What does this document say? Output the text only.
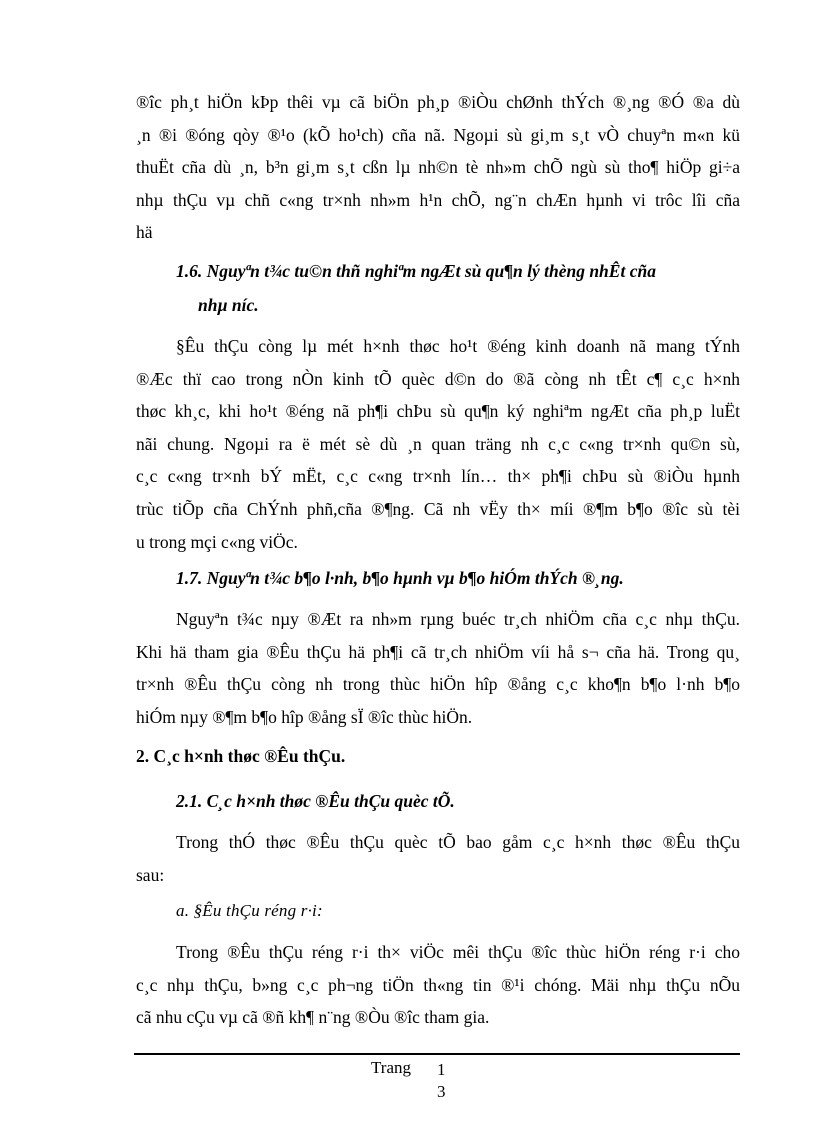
®îc ph¸t hiÖn kÞp thêi vµ cã biÖn ph¸p ®iÒu chØnh thÝch ®¸ng ®Ó ®a dù
¸n ®i ®óng qòy ®¹o (kÕ ho¹ch) cña nã. Ngoµi sù gi¸m s¸t vÒ chuyªn m«n kü
thuËt cña dù ¸n, b³n gi¸m s¸t cßn lµ nh©n tè nh»m chÕ ngù sù tho¶ hiÖp gi÷a
nhµ thÇu vµ chñ c«ng tr×nh nh»m h¹n chÕ, ng¨n chÆn hµnh vi trôc lîi cña
hä
1.6. Nguyªn t¾c tu©n thñ nghiªm ngÆt sù qu¶n lý thèng nhÊt cña
nhµ níc.
§Êu thÇu còng lµ mét h×nh thøc ho¹t ®éng kinh doanh nã mang tÝnh
®Æc thï cao trong nÒn kinh tÕ quèc d©n do ®ã còng nh tÊt c¶ c¸c h×nh
thøc kh¸c, khi ho¹t ®éng nã ph¶i chÞu sù qu¶n ký nghiªm ngÆt cña ph¸p luËt
nãi chung. Ngoµi ra ë mét sè dù ¸n quan träng nh c¸c c«ng tr×nh qu©n sù,
c¸c c«ng tr×nh bÝ mËt, c¸c c«ng tr×nh lín… th× ph¶i chÞu sù ®iÒu hµnh
trùc tiÕp cña ChÝnh phñ,cña ®¶ng. Cã nh vËy th× míi ®¶m b¶o ®îc sù tèi
u trong mçi c«ng viÖc.
1.7. Nguyªn t¾c b¶o l·nh, b¶o hµnh vµ b¶o hiÓm thÝch ®¸ng.
Nguyªn t¾c nµy ®Æt ra nh»m rµng buéc tr¸ch nhiÖm cña c¸c nhµ thÇu.
Khi hä tham gia ®Êu thÇu hä ph¶i cã tr¸ch nhiÖm víi hå s¬ cña hä. Trong qu¸
tr×nh ®Êu thÇu còng nh trong thùc hiÖn hîp ®ång c¸c kho¶n b¶o l·nh b¶o
hiÓm nµy ®¶m b¶o hîp ®ång sÏ ®îc thùc hiÖn.
2. C¸c h×nh thøc ®Êu thÇu.
2.1. C¸c h×nh thøc ®Êu thÇu quèc tÕ.
Trong thÓ thøc ®Êu thÇu quèc tÕ bao gåm c¸c h×nh thøc ®Êu thÇu
sau:
a. §Êu thÇu réng r·i:
Trong ®Êu thÇu réng r·i th× viÖc mêi thÇu ®îc thùc hiÖn réng r·i cho
c¸c nhµ thÇu, b»ng c¸c ph¬ng tiÖn th«ng tin ®¹i chóng. Mäi nhµ thÇu nÕu
cã nhu cÇu vµ cã ®ñ kh¶ n¨ng ®Òu ®îc tham gia.
Trang 1
3
